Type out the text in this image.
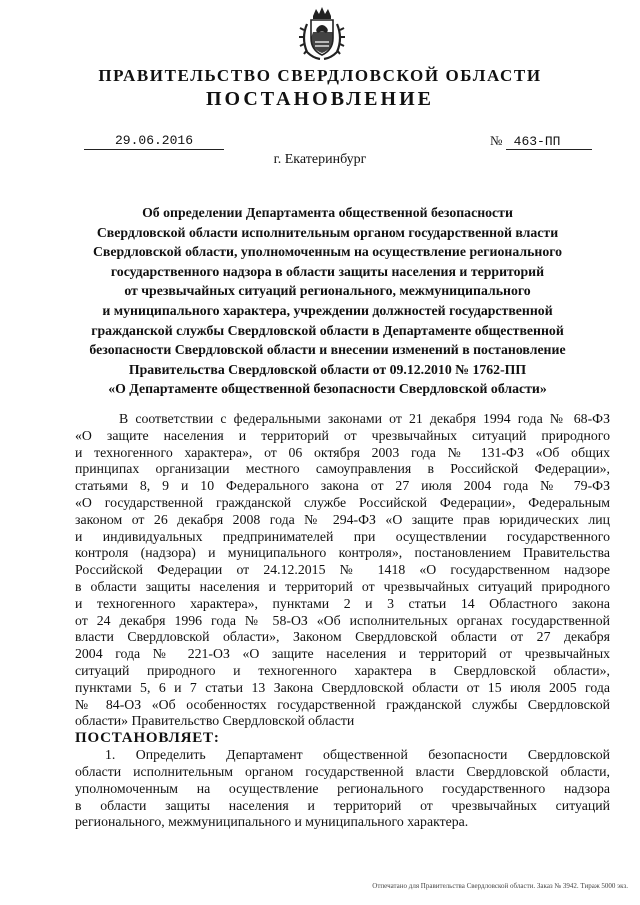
ПРАВИТЕЛЬСТВО СВЕРДЛОВСКОЙ ОБЛАСТИ
ПОСТАНОВЛЕНИЕ
29.06.2016	№ 463-ПП
г. Екатеринбург
Об определении Департамента общественной безопасности
Свердловской области исполнительным органом государственной власти
Свердловской области, уполномоченным на осуществление регионального
государственного надзора в области защиты населения и территорий
от чрезвычайных ситуаций регионального, межмуниципального
и муниципального характера, учреждении должностей государственной
гражданской службы Свердловской области в Департаменте общественной
безопасности Свердловской области и внесении изменений в постановление
Правительства Свердловской области от 09.12.2010 № 1762-ПП
«О Департаменте общественной безопасности Свердловской области»
В соответствии с федеральными законами от 21 декабря 1994 года № 68-ФЗ
«О защите населения и территорий от чрезвычайных ситуаций природного
и техногенного характера», от 06 октября 2003 года № 131-ФЗ «Об общих
принципах организации местного самоуправления в Российской Федерации»,
статьями 8, 9 и 10 Федерального закона от 27 июля 2004 года № 79-ФЗ
«О государственной гражданской службе Российской Федерации», Федеральным
законом от 26 декабря 2008 года № 294-ФЗ «О защите прав юридических лиц
и индивидуальных предпринимателей при осуществлении государственного
контроля (надзора) и муниципального контроля», постановлением Правительства
Российской Федерации от 24.12.2015 № 1418 «О государственном надзоре
в области защиты населения и территорий от чрезвычайных ситуаций природного
и техногенного характера», пунктами 2 и 3 статьи 14 Областного закона
от 24 декабря 1996 года № 58-ОЗ «Об исполнительных органах государственной
власти Свердловской области», Законом Свердловской области от 27 декабря
2004 года № 221-ОЗ «О защите населения и территорий от чрезвычайных
ситуаций природного и техногенного характера в Свердловской области»,
пунктами 5, 6 и 7 статьи 13 Закона Свердловской области от 15 июля 2005 года
№ 84-ОЗ «Об особенностях государственной гражданской службы Свердловской
области» Правительство Свердловской области
ПОСТАНОВЛЯЕТ:
1. Определить Департамент общественной безопасности Свердловской
области исполнительным органом государственной власти Свердловской области,
уполномоченным на осуществление регионального государственного надзора
в области защиты населения и территорий от чрезвычайных ситуаций
регионального, межмуниципального и муниципального характера.
Отпечатано для Правительства Свердловской области. Заказ № 3942. Тираж 5000 экз.
